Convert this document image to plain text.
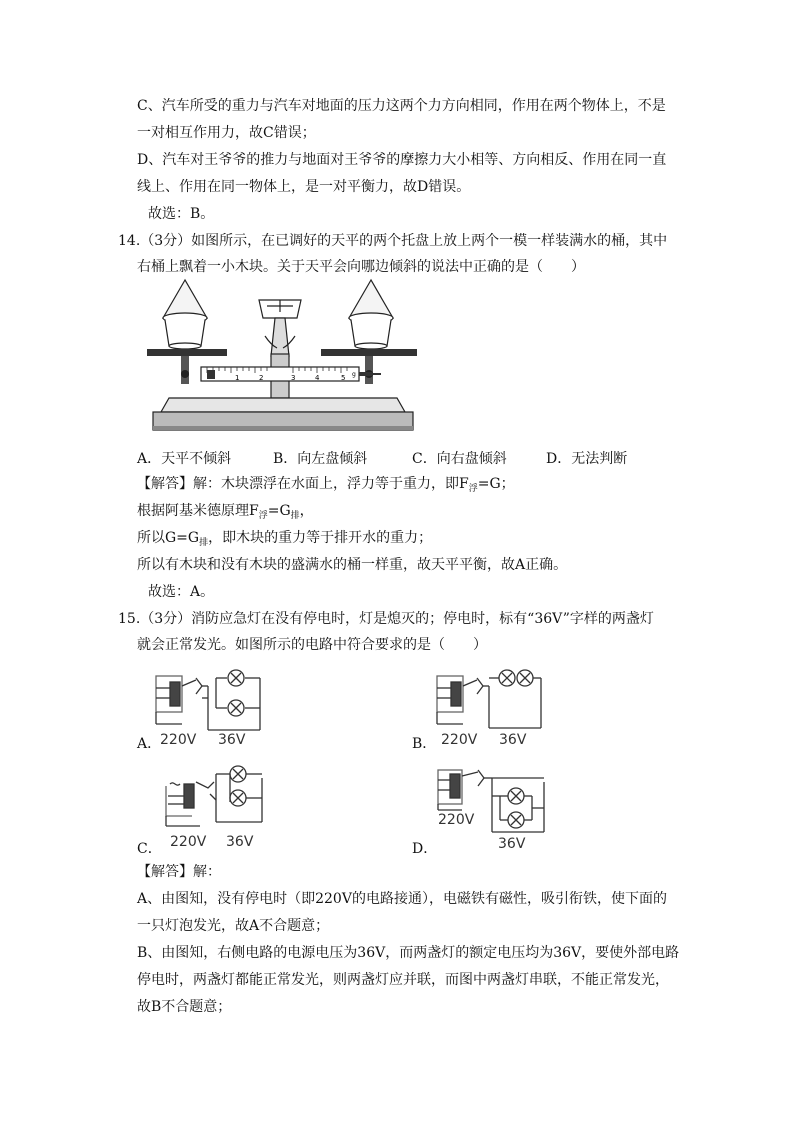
C、汽车所受的重力与汽车对地面的压力这两个力方向相同，作用在两个物体上，不是
一对相互作用力，故C错误；
D、汽车对王爷爷的推力与地面对王爷爷的摩擦力大小相等、方向相反、作用在同一直
线上、作用在同一物体上，是一对平衡力，故D错误。
故选：B。
14.（3分）如图所示，在已调好的天平的两个托盘上放上两个一模一样装满水的桶，其中
右桶上飘着一小木块。关于天平会向哪边倾斜的说法中正确的是（　　）
1	2	3	4	5 g
A．天平不倾斜	B．向左盘倾斜	C．向右盘倾斜	D．无法判断
【解答】解：木块漂浮在水面上，浮力等于重力，即$F_浮=G$；
根据阿基米德原理$F_浮=G_排$，
所以$G=G_排$，即木块的重力等于排开水的重力；
所以有木块和没有木块的盛满水的桶一样重，故天平平衡，故A正确。
故选：A。
15.（3分）消防应急灯在没有停电时，灯是熄灭的；停电时，标有“36V”字样的两盏灯
就会正常发光。如图所示的电路中符合要求的是（　　）
A．
220V 36V	B． 220V 36V
C． 220V 36V	D．
220V
36V
【解答】解：
A、由图知，没有停电时（即220V的电路接通），电磁铁有磁性，吸引衔铁，使下面的
一只灯泡发光，故A不合题意；
B、由图知，右侧电路的电源电压为36V，而两盏灯的额定电压均为36V，要使外部电路
停电时，两盏灯都能正常发光，则两盏灯应并联，而图中两盏灯串联，不能正常发光，
故B不合题意；
